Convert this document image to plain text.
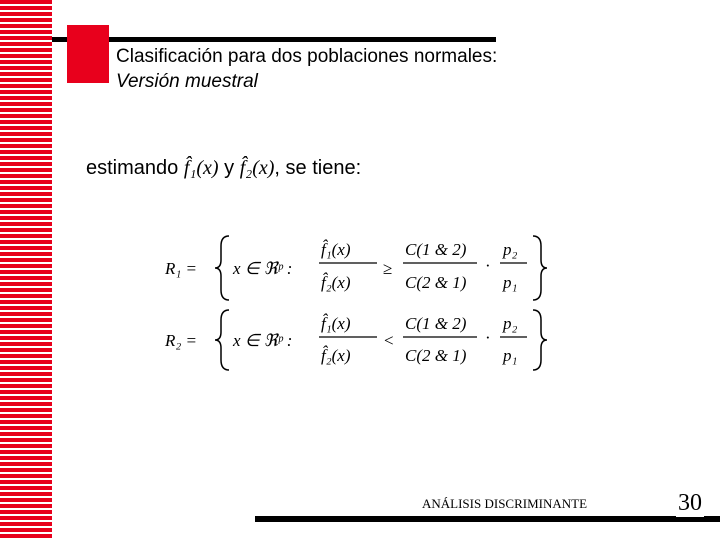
Clasificación para dos poblaciones normales:
Versión muestral
estimando f̂₁(x) y f̂₂(x), se tiene:
R₁ = x ∈ ℜᵖ :
f̂₁(x)
f̂₂(x)
≥
C(1 & 2)
C(2 & 1)
·
p₂
p₁
R₂ = x ∈ ℜᵖ :
f̂₁(x)
f̂₂(x)
<
C(1 & 2)
C(2 & 1)
·
p₂
p₁
ANÁLISIS DISCRIMINANTE	30
